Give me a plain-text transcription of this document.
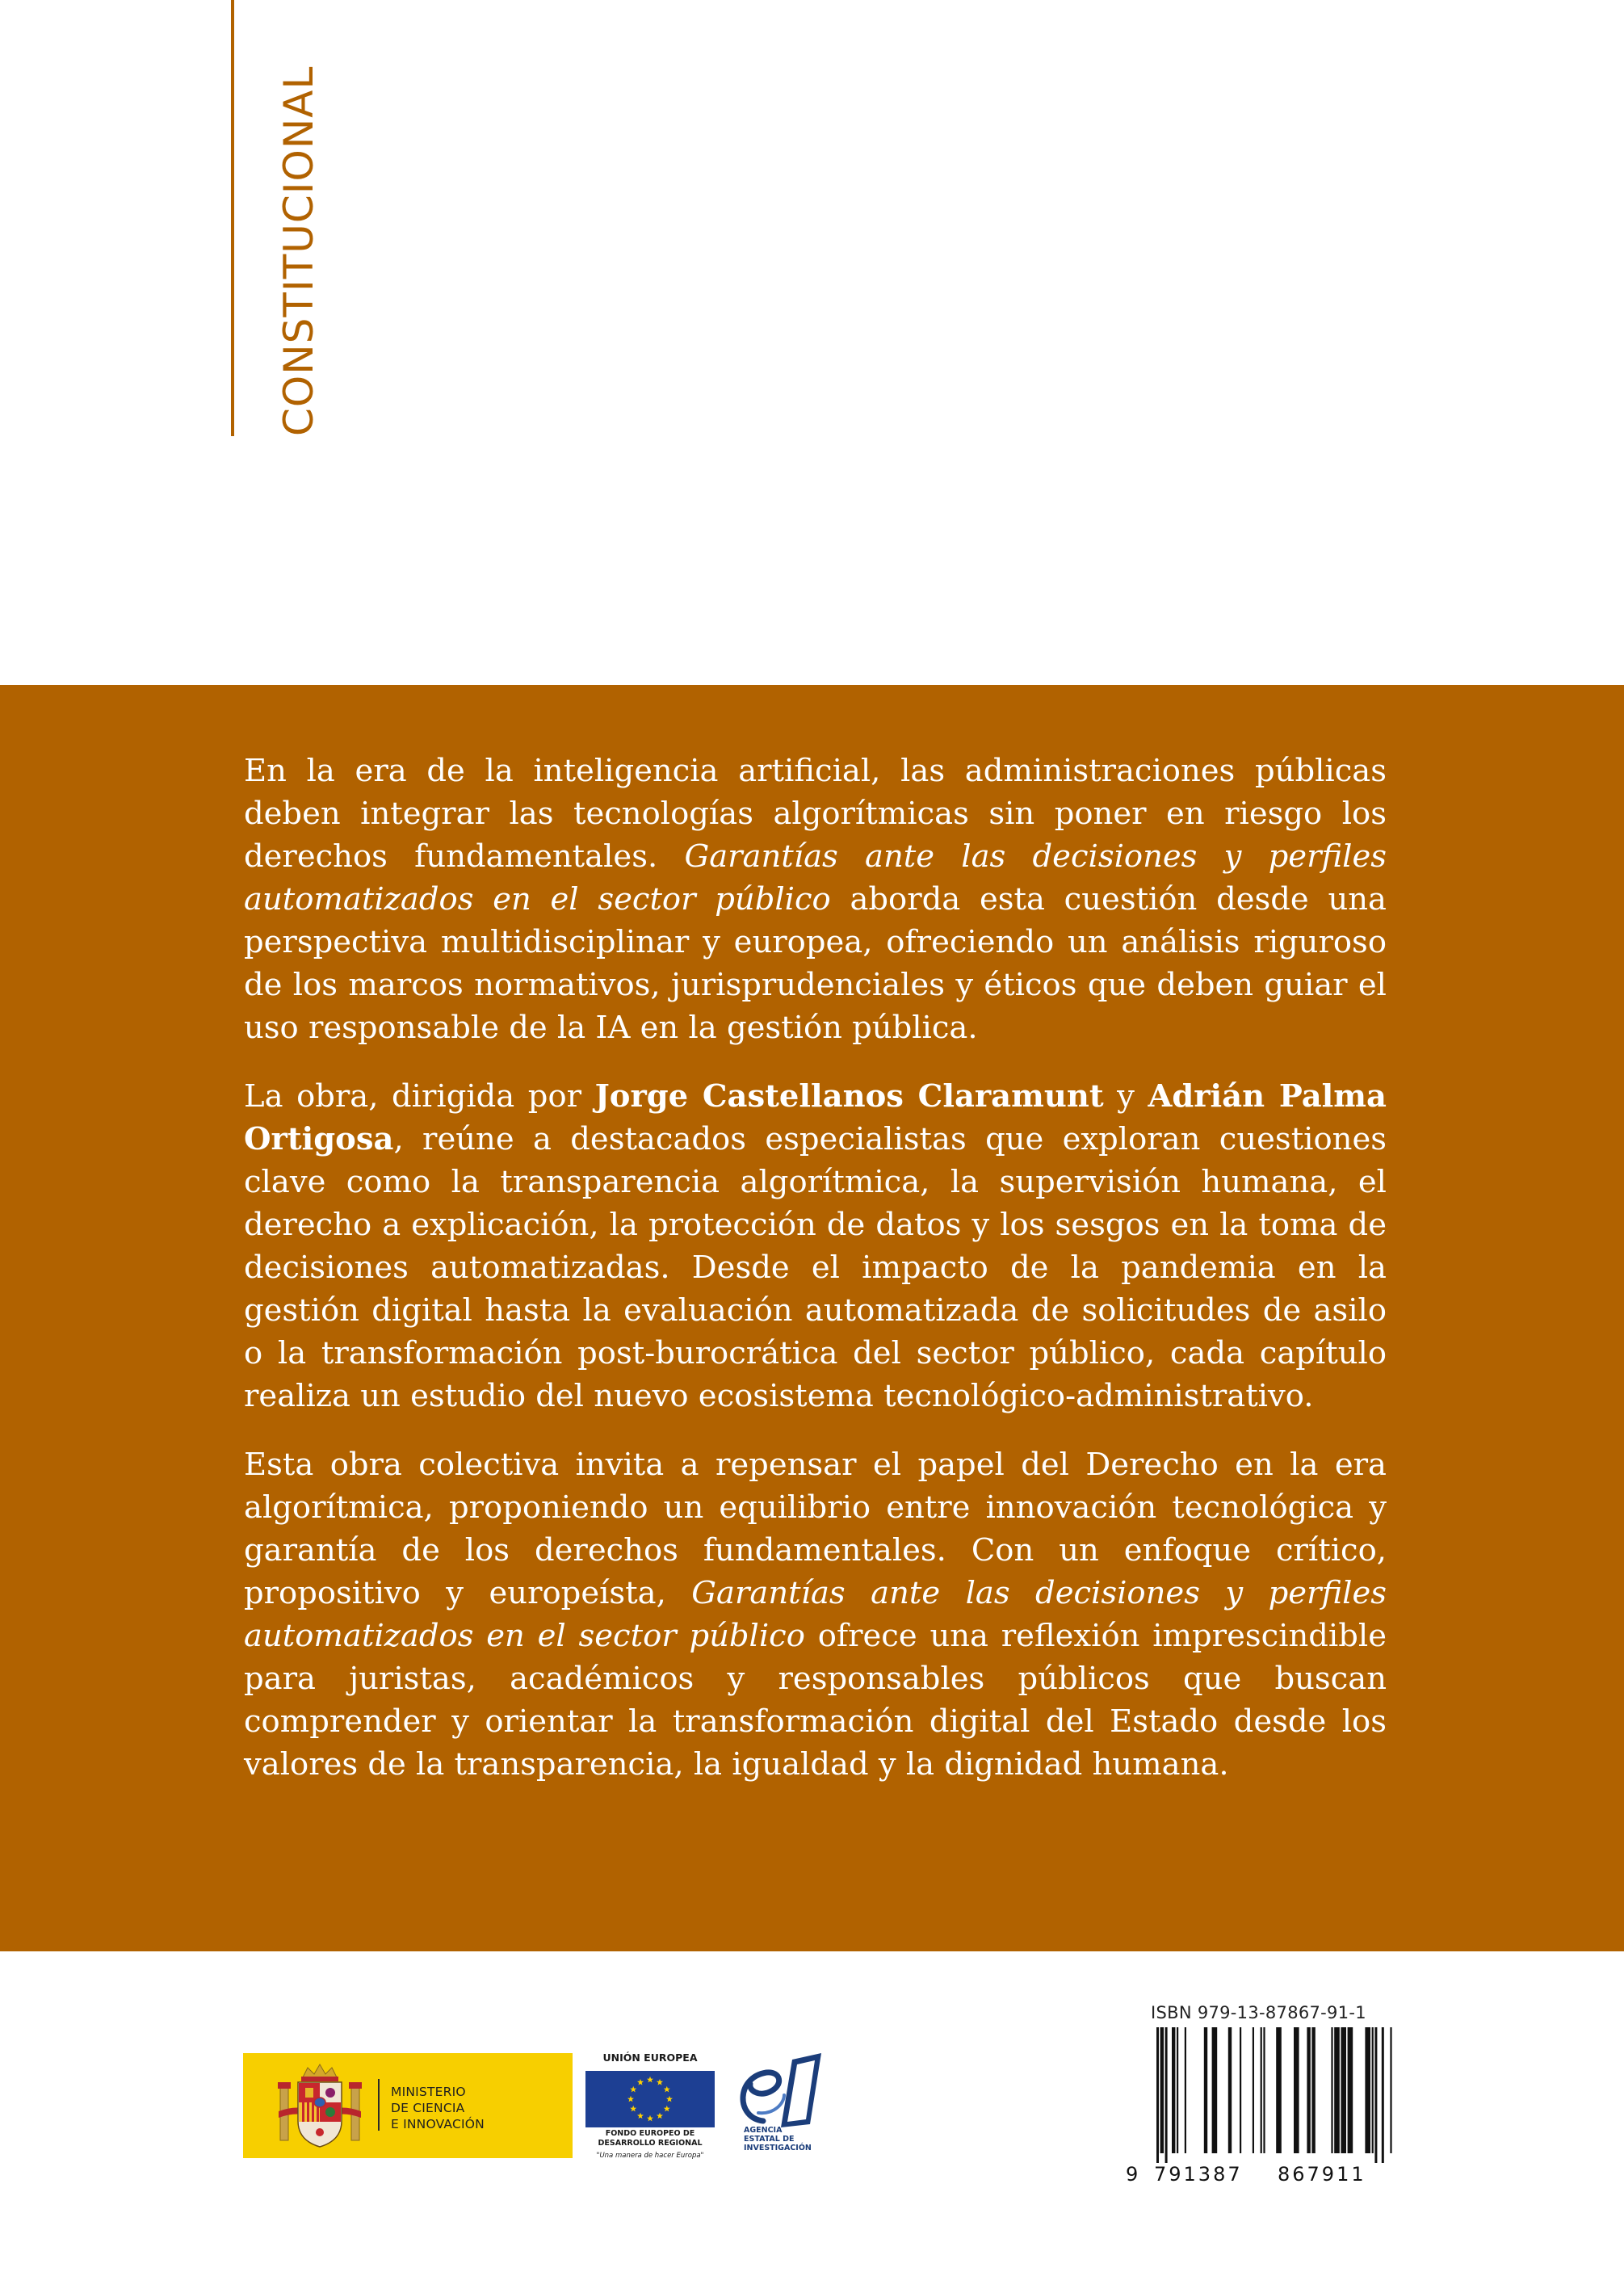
CONSTITUCIONAL

En la era de la inteligencia artificial, las administraciones públicas deben integrar las tecnologías algorítmicas sin poner en riesgo los derechos fundamentales. Garantías ante las decisiones y perfiles automatizados en el sector público aborda esta cuestión desde una perspectiva multidisciplinar y europea, ofreciendo un análisis riguroso de los marcos normativos, jurisprudenciales y éticos que deben guiar el uso responsable de la IA en la gestión pública.

La obra, dirigida por Jorge Castellanos Claramunt y Adrián Palma Ortigosa, reúne a destacados especialistas que exploran cuestiones clave como la transparencia algorítmica, la supervisión humana, el derecho a explicación, la protección de datos y los sesgos en la toma de decisiones automatizadas. Desde el impacto de la pandemia en la gestión digital hasta la evaluación automatizada de solicitudes de asilo o la transformación post-burocrática del sector público, cada capítulo realiza un estudio del nuevo ecosistema tecnológico-administrativo.

Esta obra colectiva invita a repensar el papel del Derecho en la era algorítmica, proponiendo un equilibrio entre innovación tecnológica y garantía de los derechos fundamentales. Con un enfoque crítico, propositivo y europeísta, Garantías ante las decisiones y perfiles automatizados en el sector público ofrece una reflexión imprescindible para juristas, académicos y responsables públicos que buscan comprender y orientar la transformación digital del Estado desde los valores de la transparencia, la igualdad y la dignidad humana.

MINISTERIO
DE CIENCIA
E INNOVACIÓN
UNIÓN EUROPEA
FONDO EUROPEO DE
DESARROLLO REGIONAL
"Una manera de hacer Europa"
AGENCIA
ESTATAL DE
INVESTIGACIÓN
ISBN 979-13-87867-91-1
9 791387 867911
